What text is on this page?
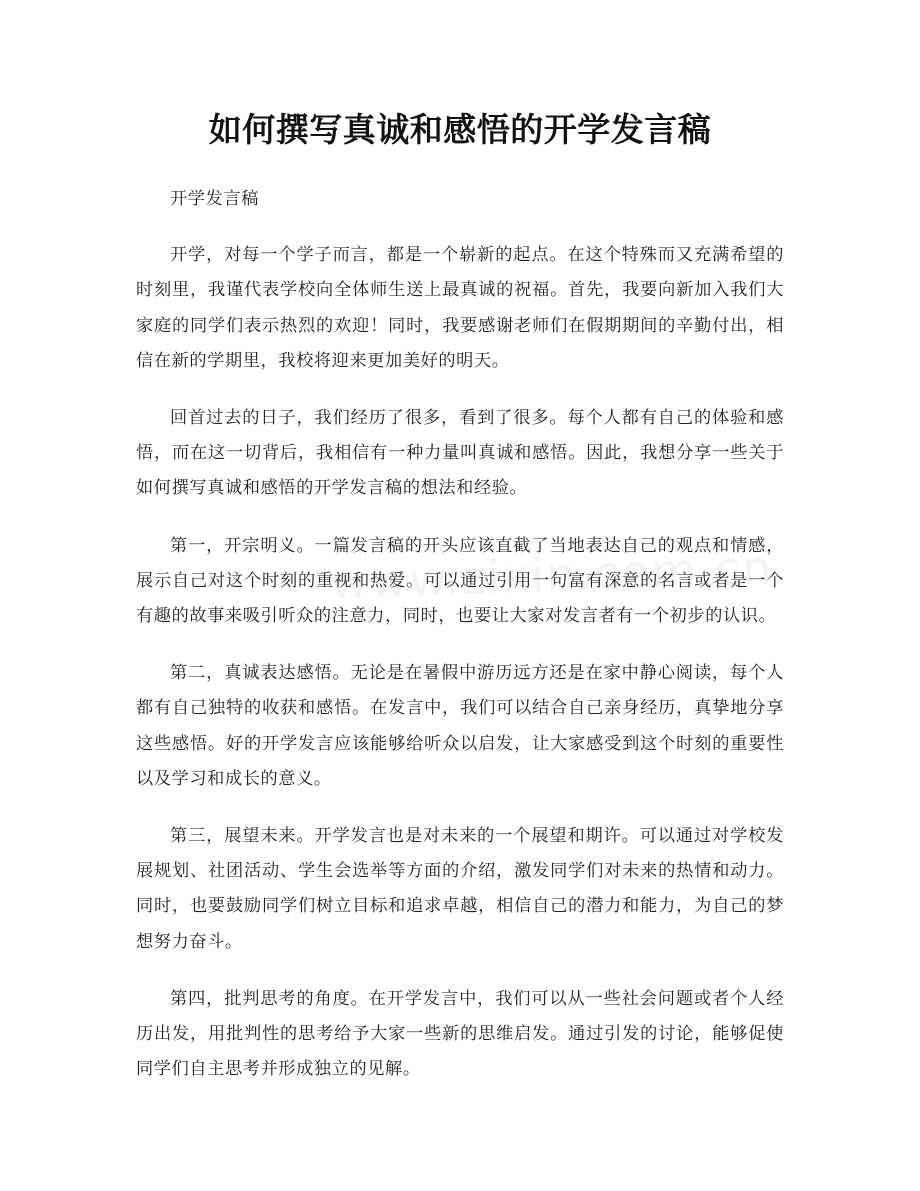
如何撰写真诚和感悟的开学发言稿

开学发言稿

开学，对每一个学子而言，都是一个崭新的起点。在这个特殊而又充满希望的时刻里，我谨代表学校向全体师生送上最真诚的祝福。首先，我要向新加入我们大家庭的同学们表示热烈的欢迎！同时，我要感谢老师们在假期期间的辛勤付出，相信在新的学期里，我校将迎来更加美好的明天。

回首过去的日子，我们经历了很多，看到了很多。每个人都有自己的体验和感悟，而在这一切背后，我相信有一种力量叫真诚和感悟。因此，我想分享一些关于如何撰写真诚和感悟的开学发言稿的想法和经验。

第一，开宗明义。一篇发言稿的开头应该直截了当地表达自己的观点和情感，展示自己对这个时刻的重视和热爱。可以通过引用一句富有深意的名言或者是一个有趣的故事来吸引听众的注意力，同时，也要让大家对发言者有一个初步的认识。

第二，真诚表达感悟。无论是在暑假中游历远方还是在家中静心阅读，每个人都有自己独特的收获和感悟。在发言中，我们可以结合自己亲身经历，真挚地分享这些感悟。好的开学发言应该能够给听众以启发，让大家感受到这个时刻的重要性以及学习和成长的意义。

第三，展望未来。开学发言也是对未来的一个展望和期许。可以通过对学校发展规划、社团活动、学生会选举等方面的介绍，激发同学们对未来的热情和动力。同时，也要鼓励同学们树立目标和追求卓越，相信自己的潜力和能力，为自己的梦想努力奋斗。

第四，批判思考的角度。在开学发言中，我们可以从一些社会问题或者个人经历出发，用批判性的思考给予大家一些新的思维启发。通过引发的讨论，能够促使同学们自主思考并形成独立的见解。
